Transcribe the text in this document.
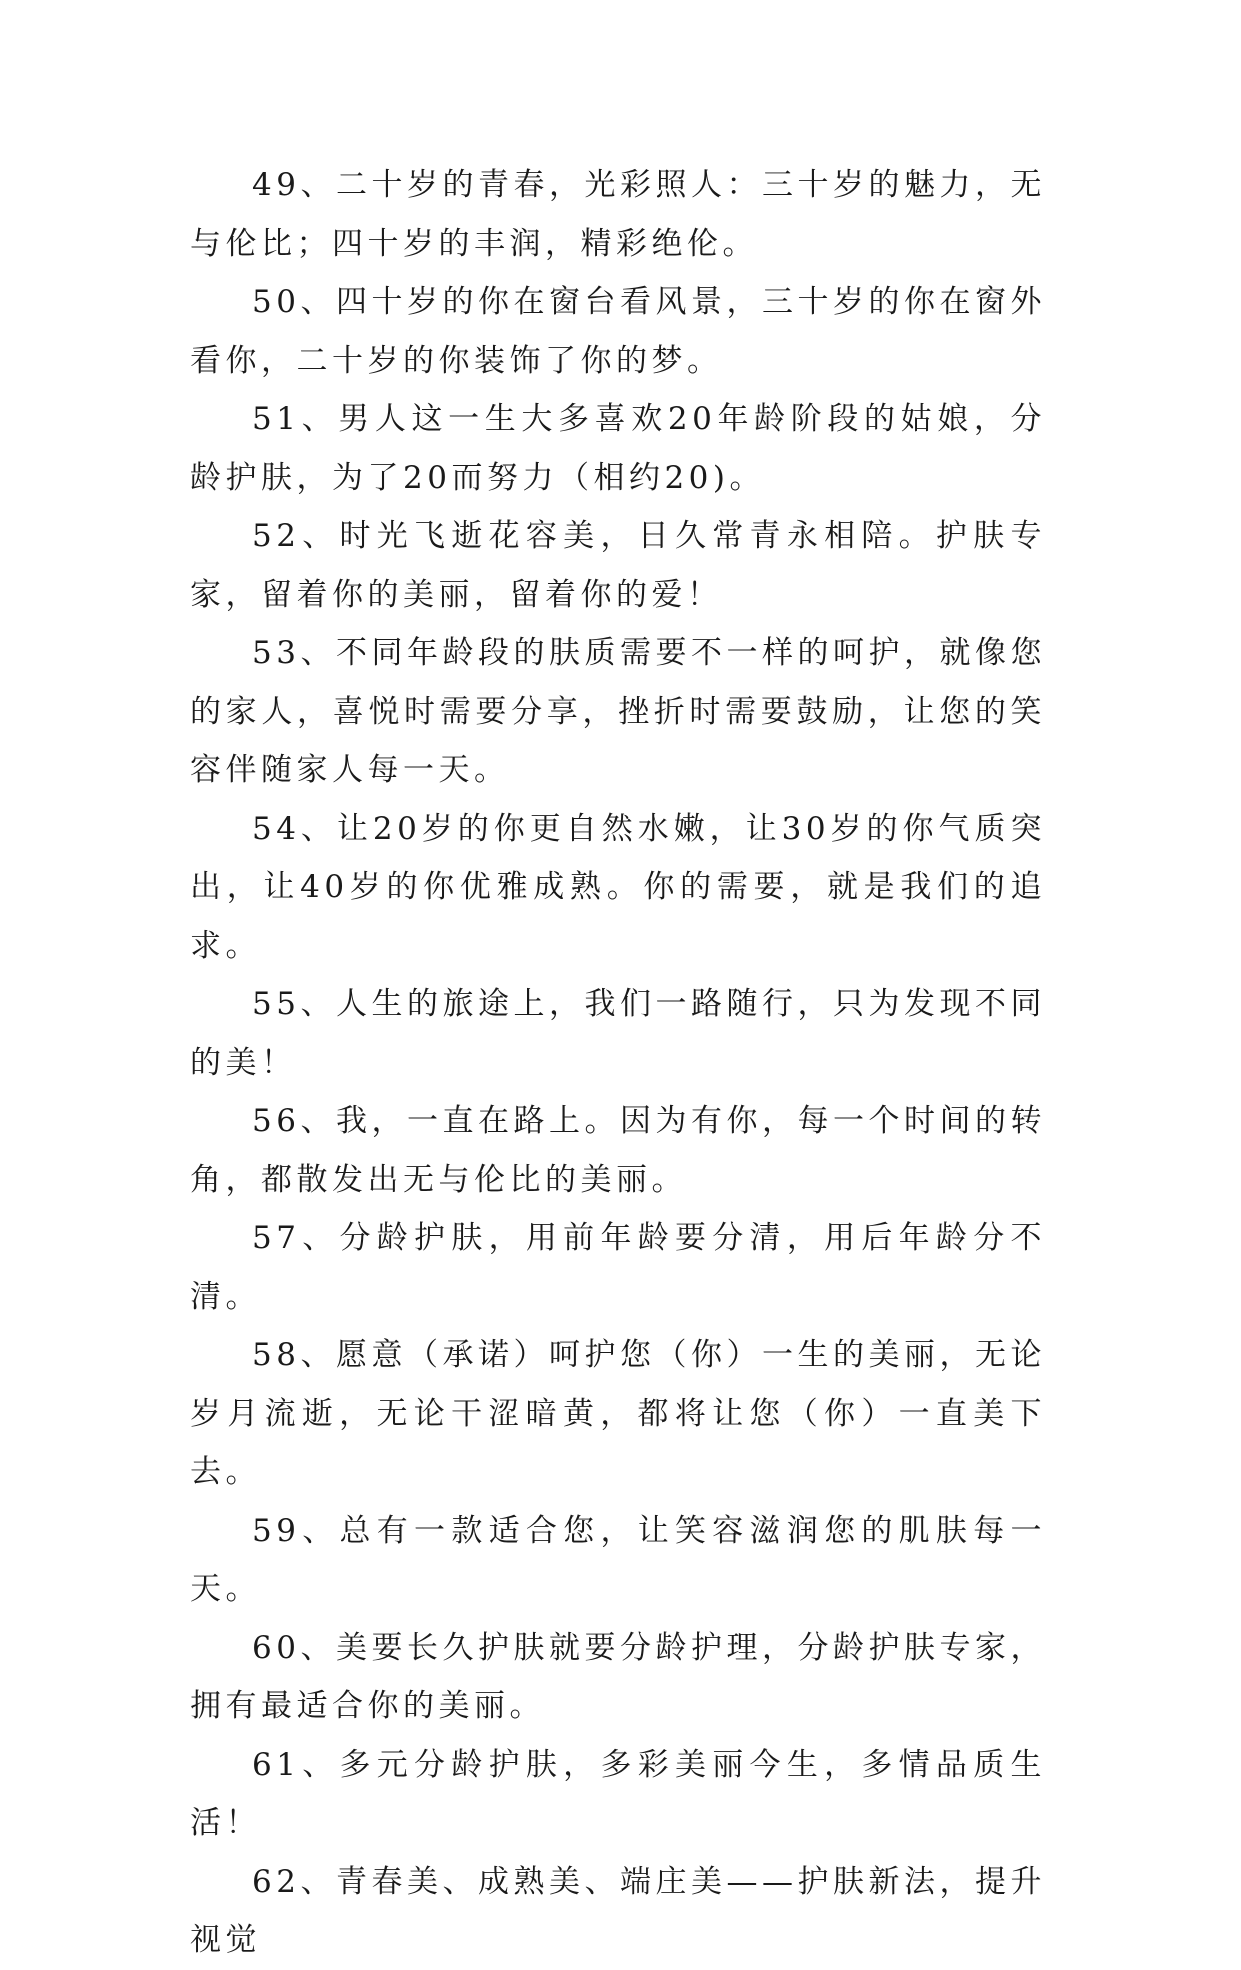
49、二十岁的青春，光彩照人：三十岁的魅力，无与伦比；四十岁的丰润，精彩绝伦。

50、四十岁的你在窗台看风景，三十岁的你在窗外看你，二十岁的你装饰了你的梦。

51、男人这一生大多喜欢20年龄阶段的姑娘，分龄护肤，为了20而努力（相约20)。

52、时光飞逝花容美，日久常青永相陪。护肤专家，留着你的美丽，留着你的爱！

53、不同年龄段的肤质需要不一样的呵护，就像您的家人，喜悦时需要分享，挫折时需要鼓励，让您的笑容伴随家人每一天。

54、让20岁的你更自然水嫩，让30岁的你气质突出，让40岁的你优雅成熟。你的需要，就是我们的追求。

55、人生的旅途上，我们一路随行，只为发现不同的美！

56、我，一直在路上。因为有你，每一个时间的转角，都散发出无与伦比的美丽。

57、分龄护肤，用前年龄要分清，用后年龄分不清。

58、愿意（承诺）呵护您（你）一生的美丽，无论岁月流逝，无论干涩暗黄，都将让您（你）一直美下去。

59、总有一款适合您，让笑容滋润您的肌肤每一天。

60、美要长久护肤就要分龄护理，分龄护肤专家，拥有最适合你的美丽。

61、多元分龄护肤，多彩美丽今生，多情品质生活！

62、青春美、成熟美、端庄美——护肤新法，提升视觉
